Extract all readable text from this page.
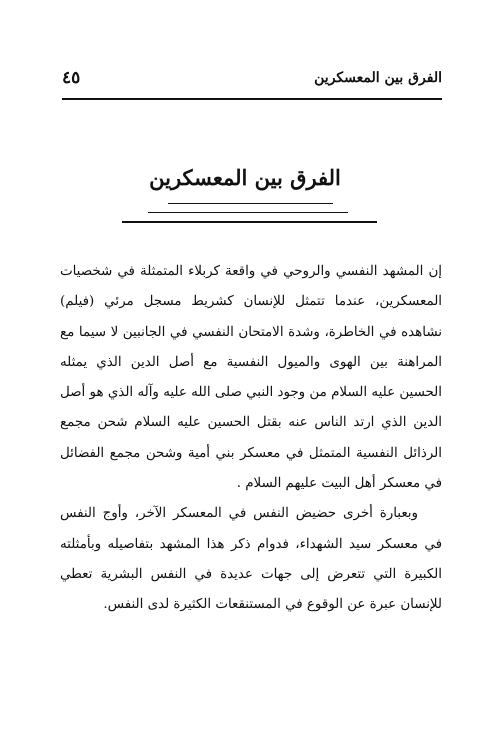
الفرق بين المعسكرين
٤٥
الفرق بين المعسكرين

إن المشهد النفسي والروحي في واقعة كربلاء المتمثلة في شخصيات المعسكرين، عندما تتمثل للإنسان كشريط مسجل مرئي (فيلم) نشاهده في الخاطرة، وشدة الامتحان النفسي في الجانبين لا سيما مع المراهنة بين الهوى والميول النفسية مع أصل الدين الذي يمثله الحسين عليه السلام من وجود النبي صلى الله عليه وآله الذي هو أصل الدين الذي ارتد الناس عنه بقتل الحسين عليه السلام شحن مجمع الرذائل النفسية المتمثل في معسكر بني أمية وشحن مجمع الفضائل في معسكر أهل البيت عليهم السلام .

وبعبارة أخرى حضيض النفس في المعسكر الآخر، وأوج النفس في معسكر سيد الشهداء، فدوام ذكر هذا المشهد بتفاصيله وبأمثلته الكبيرة التي تتعرض إلى جهات عديدة في النفس البشرية تعطي للإنسان عبرة عن الوقوع في المستنقعات الكثيرة لدى النفس.
